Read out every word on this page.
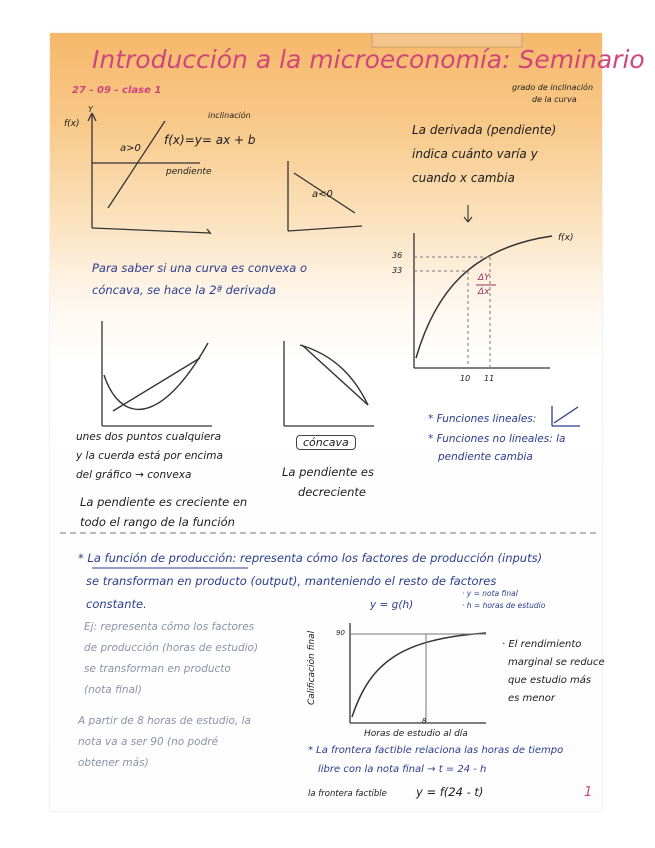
Introducción a la microeconomía: Seminario
27 - 09 - clase 1
f(x)
Y
f(x)=y= ax + b
inclinación
pendiente
a>0
a<0
grado de inclinación
de la curva
La derivada (pendiente)
indica cuánto varía y
cuando x cambia
f(x)
36
33
10 11
ΔY
Δx
Para saber si una curva es convexa o
cóncava, se hace la 2ª derivada
unes dos puntos cualquiera
y la cuerda está por encima
del gráfico → convexa
La pendiente es creciente en
todo el rango de la función
cóncava
La pendiente es
decreciente
* Funciones lineales:
* Funciones no lineales: la
pendiente cambia
* La función de producción: representa cómo los factores de producción (inputs)
se transforman en producto (output), manteniendo el resto de factores
constante.	y = g(h)
· y = nota final
· h = horas de estudio
Ej: representa cómo los factores
de producción (horas de estudio)
se transforman en producto
(nota final)
A partir de 8 horas de estudio, la
nota va a ser 90 (no podré
obtener más)
Calificación final	90
8
Horas de estudio al día
· El rendimiento
marginal se reduce
que estudio más
es menor
* La frontera factible relaciona las horas de tiempo
libre con la nota final → t = 24 - h
la frontera factible	y = f(24 - t)	1
